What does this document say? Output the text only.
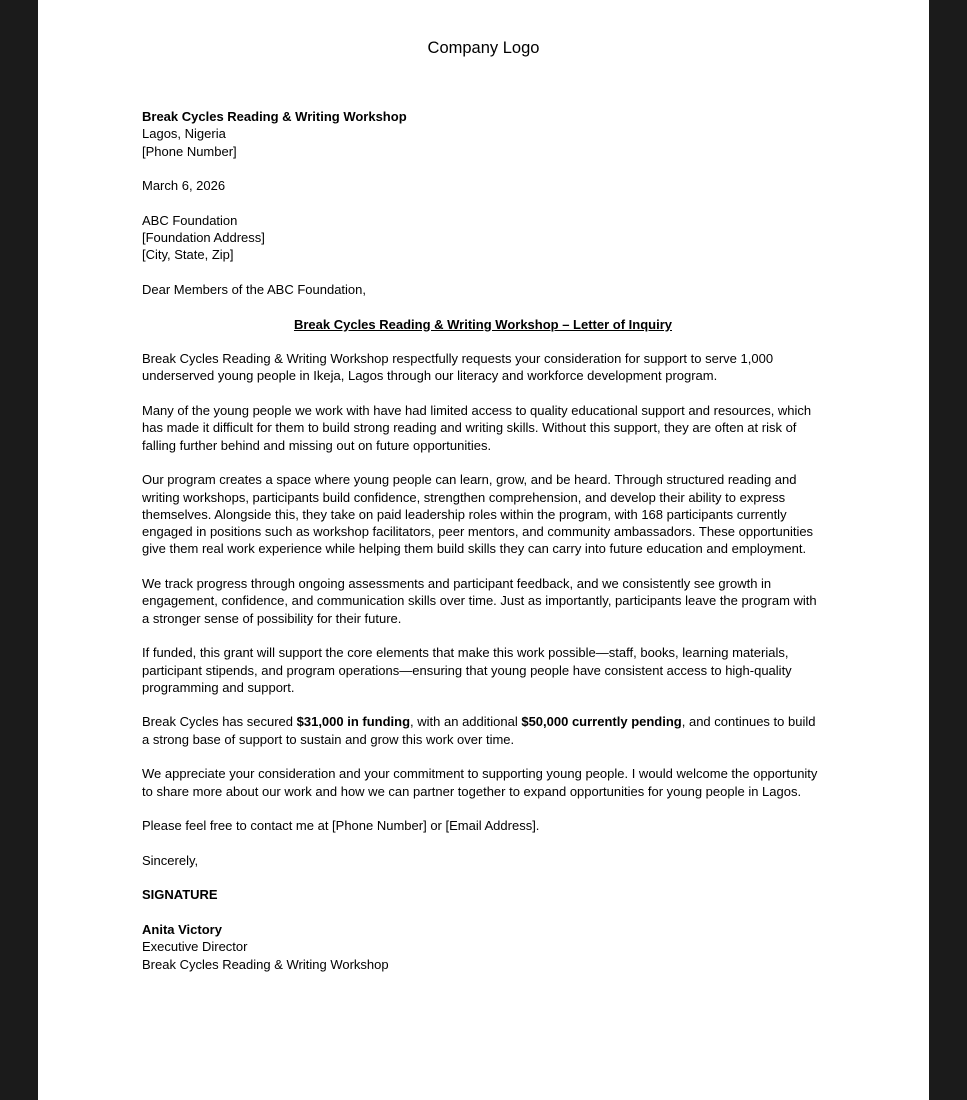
Company Logo
Break Cycles Reading & Writing Workshop
Lagos, Nigeria
[Phone Number]
March 6, 2026
ABC Foundation
[Foundation Address]
[City, State, Zip]
Dear Members of the ABC Foundation,
Break Cycles Reading & Writing Workshop – Letter of Inquiry
Break Cycles Reading & Writing Workshop respectfully requests your consideration for support to serve 1,000
underserved young people in Ikeja, Lagos through our literacy and workforce development program.
Many of the young people we work with have had limited access to quality educational support and resources, which
has made it difficult for them to build strong reading and writing skills. Without this support, they are often at risk of
falling further behind and missing out on future opportunities.
Our program creates a space where young people can learn, grow, and be heard. Through structured reading and
writing workshops, participants build confidence, strengthen comprehension, and develop their ability to express
themselves. Alongside this, they take on paid leadership roles within the program, with 168 participants currently
engaged in positions such as workshop facilitators, peer mentors, and community ambassadors. These opportunities
give them real work experience while helping them build skills they can carry into future education and employment.
We track progress through ongoing assessments and participant feedback, and we consistently see growth in
engagement, confidence, and communication skills over time. Just as importantly, participants leave the program with
a stronger sense of possibility for their future.
If funded, this grant will support the core elements that make this work possible—staff, books, learning materials,
participant stipends, and program operations—ensuring that young people have consistent access to high-quality
programming and support.
Break Cycles has secured $31,000 in funding, with an additional $50,000 currently pending, and continues to build
a strong base of support to sustain and grow this work over time.
We appreciate your consideration and your commitment to supporting young people. I would welcome the opportunity
to share more about our work and how we can partner together to expand opportunities for young people in Lagos.
Please feel free to contact me at [Phone Number] or [Email Address].
Sincerely,
SIGNATURE
Anita Victory
Executive Director
Break Cycles Reading & Writing Workshop
